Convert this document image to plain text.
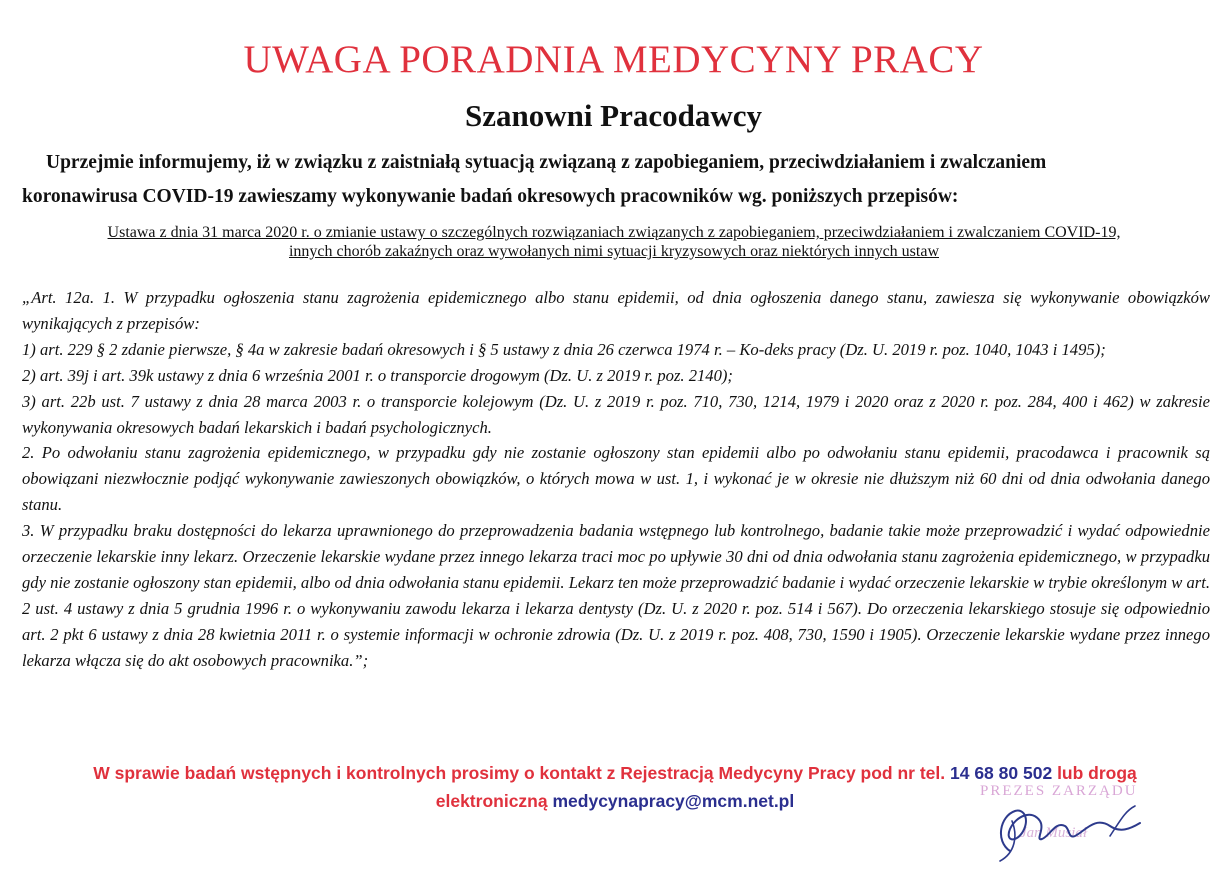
UWAGA PORADNIA MEDYCYNY PRACY
Szanowni Pracodawcy
Uprzejmie informujemy, iż w związku z zaistniałą sytuacją związaną z zapobieganiem, przeciwdziałaniem i zwalczaniem
koronawirusa COVID-19 zawieszamy wykonywanie badań okresowych pracowników wg. poniższych przepisów:
Ustawa z dnia 31 marca 2020 r. o zmianie ustawy o szczególnych rozwiązaniach związanych z zapobieganiem, przeciwdziałaniem i zwalczaniem COVID-19,
innych chorób zakaźnych oraz wywołanych nimi sytuacji kryzysowych oraz niektórych innych ustaw

„Art. 12a. 1. W przypadku ogłoszenia stanu zagrożenia epidemicznego albo stanu epidemii, od dnia ogłoszenia danego stanu, zawiesza się wykonywanie obowiązków wynikających z przepisów:

1) art. 229 § 2 zdanie pierwsze, § 4a w zakresie badań okresowych i § 5 ustawy z dnia 26 czerwca 1974 r. – Ko-deks pracy (Dz. U. 2019 r. poz. 1040, 1043 i 1495);

2) art. 39j i art. 39k ustawy z dnia 6 września 2001 r. o transporcie drogowym (Dz. U. z 2019 r. poz. 2140);

3) art. 22b ust. 7 ustawy z dnia 28 marca 2003 r. o transporcie kolejowym (Dz. U. z 2019 r. poz. 710, 730, 1214, 1979 i 2020 oraz z 2020 r. poz. 284, 400 i 462) w zakresie wykonywania okresowych badań lekarskich i badań psychologicznych.

2. Po odwołaniu stanu zagrożenia epidemicznego, w przypadku gdy nie zostanie ogłoszony stan epidemii albo po odwołaniu stanu epidemii, pracodawca i pracownik są obowiązani niezwłocznie podjąć wykonywanie zawieszonych obowiązków, o których mowa w ust. 1, i wykonać je w okresie nie dłuższym niż 60 dni od dnia odwołania danego stanu.

3. W przypadku braku dostępności do lekarza uprawnionego do przeprowadzenia badania wstępnego lub kontrolnego, badanie takie może przeprowadzić i wydać odpowiednie orzeczenie lekarskie inny lekarz. Orzeczenie lekarskie wydane przez innego lekarza traci moc po upływie 30 dni od dnia odwołania stanu zagrożenia epidemicznego, w przypadku gdy nie zostanie ogłoszony stan epidemii, albo od dnia odwołania stanu epidemii. Lekarz ten może przeprowadzić badanie i wydać orzeczenie lekarskie w trybie określonym w art. 2 ust. 4 ustawy z dnia 5 grudnia 1996 r. o wykonywaniu zawodu lekarza i lekarza dentysty (Dz. U. z 2020 r. poz. 514 i 567). Do orzeczenia lekarskiego stosuje się odpowiednio art. 2 pkt 6 ustawy z dnia 28 kwietnia 2011 r. o systemie informacji w ochronie zdrowia (Dz. U. z 2019 r. poz. 408, 730, 1590 i 1905). Orzeczenie lekarskie wydane przez innego lekarza włącza się do akt osobowych pracownika.”;

W sprawie badań wstępnych i kontrolnych prosimy o kontakt z Rejestracją Medycyny Pracy pod nr tel. 14 68 80 502 lub drogą
elektroniczną medycynapracy@mcm.net.pl	PREZES ZARZĄDU
Jan Musiał
